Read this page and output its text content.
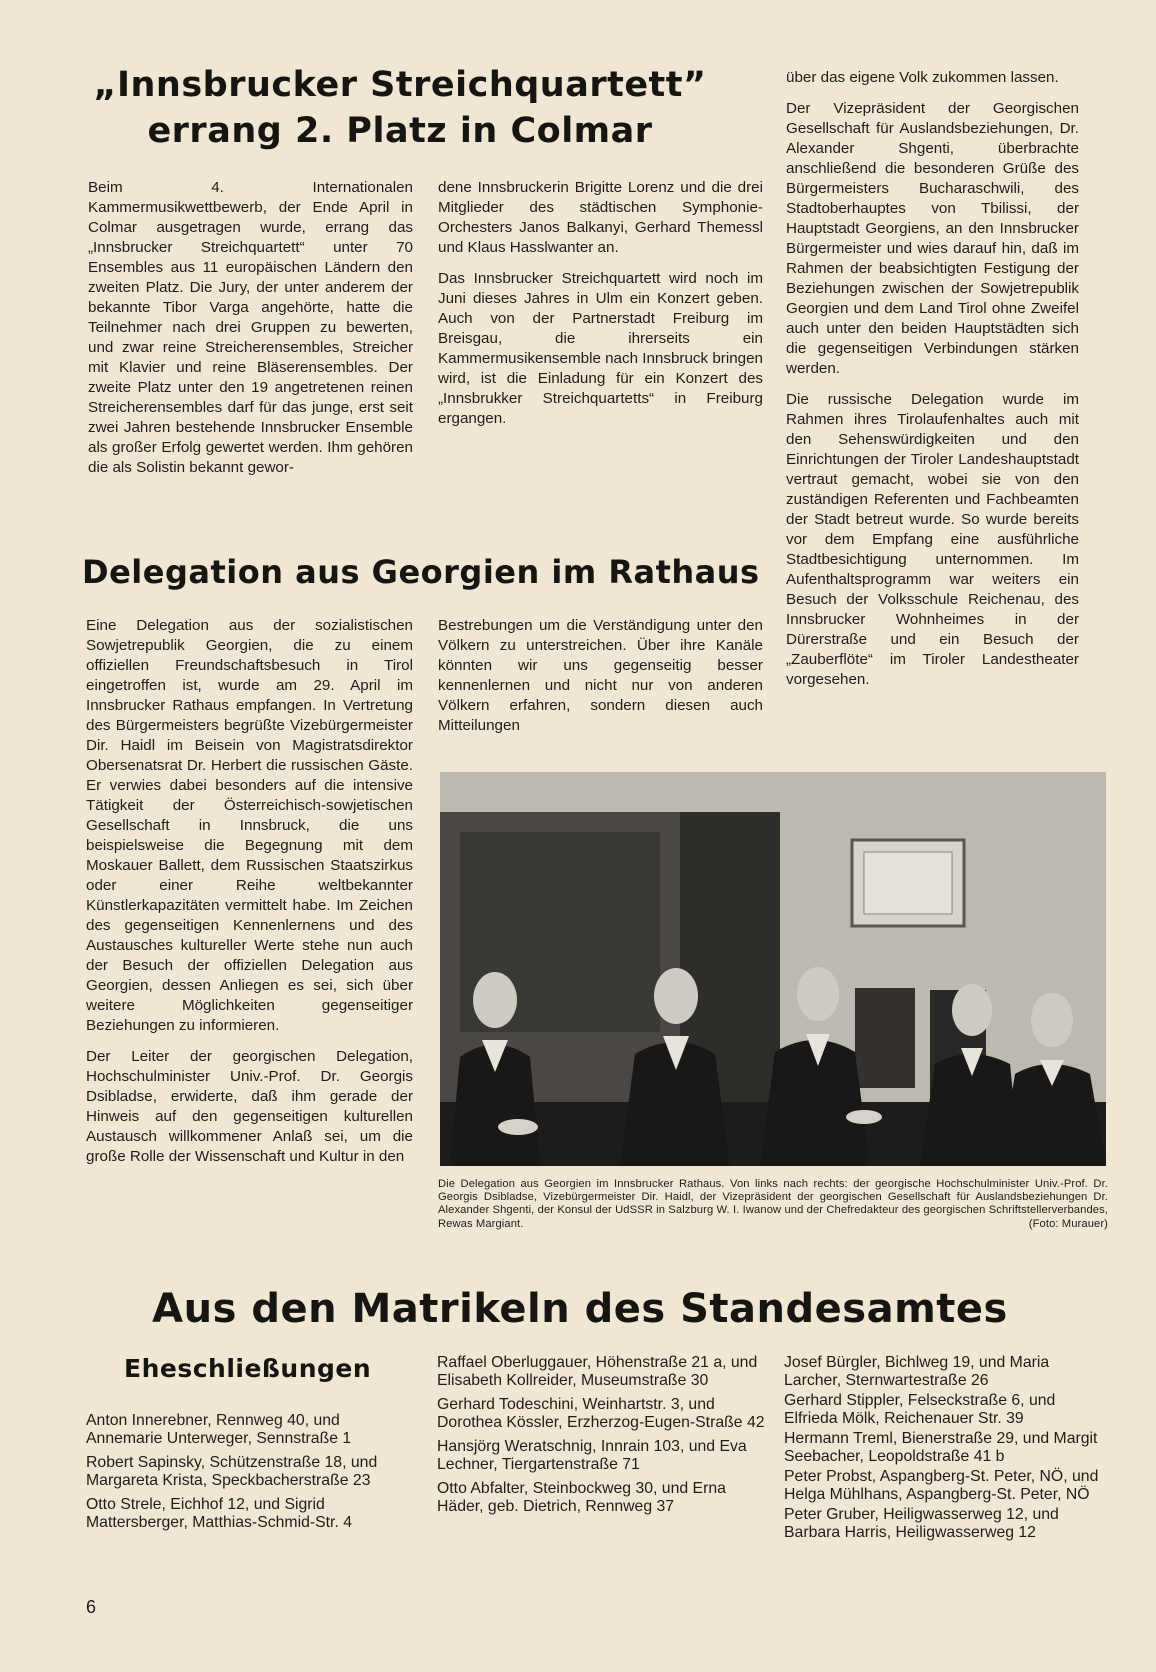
„Innsbrucker Streichquartett”
errang 2. Platz in Colmar

Beim 4. Internationalen Kammermusikwettbewerb, der Ende April in Colmar ausgetragen wurde, errang das „Innsbrucker Streichquartett“ unter 70 Ensembles aus 11 europäischen Ländern den zweiten Platz. Die Jury, der unter anderem der bekannte Tibor Varga angehörte, hatte die Teilnehmer nach drei Gruppen zu bewerten, und zwar reine Streicherensembles, Streicher mit Klavier und reine Bläserensembles. Der zweite Platz unter den 19 angetretenen reinen Streicherensembles darf für das junge, erst seit zwei Jahren bestehende Innsbrucker Ensemble als großer Erfolg gewertet werden. Ihm gehören die als Solistin bekannt gewor-

dene Innsbruckerin Brigitte Lorenz und die drei Mitglieder des städtischen Symphonie-Orchesters Janos Balkanyi, Gerhard Themessl und Klaus Hasslwanter an.

Das Innsbrucker Streichquartett wird noch im Juni dieses Jahres in Ulm ein Konzert geben. Auch von der Partnerstadt Freiburg im Breisgau, die ihrerseits ein Kammermusikensemble nach Innsbruck bringen wird, ist die Einladung für ein Konzert des „Innsbrukker Streichquartetts“ in Freiburg ergangen.

Delegation aus Georgien im Rathaus

Eine Delegation aus der sozialistischen Sowjetrepublik Georgien, die zu einem offiziellen Freundschaftsbesuch in Tirol eingetroffen ist, wurde am 29. April im Innsbrucker Rathaus empfangen. In Vertretung des Bürgermeisters begrüßte Vizebürgermeister Dir. Haidl im Beisein von Magistratsdirektor Obersenatsrat Dr. Herbert die russischen Gäste. Er verwies dabei besonders auf die intensive Tätigkeit der Österreichisch-sowjetischen Gesellschaft in Innsbruck, die uns beispielsweise die Begegnung mit dem Moskauer Ballett, dem Russischen Staatszirkus oder einer Reihe weltbekannter Künstlerkapazitäten vermittelt habe. Im Zeichen des gegenseitigen Kennenlernens und des Austausches kultureller Werte stehe nun auch der Besuch der offiziellen Delegation aus Georgien, dessen Anliegen es sei, sich über weitere Möglichkeiten gegenseitiger Beziehungen zu informieren.

Der Leiter der georgischen Delegation, Hochschulminister Univ.-Prof. Dr. Georgis Dsibladse, erwiderte, daß ihm gerade der Hinweis auf den gegenseitigen kulturellen Austausch willkommener Anlaß sei, um die große Rolle der Wissenschaft und Kultur in den

Bestrebungen um die Verständigung unter den Völkern zu unterstreichen. Über ihre Kanäle könnten wir uns gegenseitig besser kennenlernen und nicht nur von anderen Völkern erfahren, sondern diesen auch Mitteilungen

über das eigene Volk zukommen lassen.

Der Vizepräsident der Georgischen Gesellschaft für Auslandsbeziehungen, Dr. Alexander Shgenti, überbrachte anschließend die besonderen Grüße des Bürgermeisters Bucharaschwili, des Stadtoberhauptes von Tbilissi, der Hauptstadt Georgiens, an den Innsbrucker Bürgermeister und wies darauf hin, daß im Rahmen der beabsichtigten Festigung der Beziehungen zwischen der Sowjetrepublik Georgien und dem Land Tirol ohne Zweifel auch unter den beiden Hauptstädten sich die gegenseitigen Verbindungen stärken werden.

Die russische Delegation wurde im Rahmen ihres Tirolaufenhaltes auch mit den Sehenswürdigkeiten und den Einrichtungen der Tiroler Landeshauptstadt vertraut gemacht, wobei sie von den zuständigen Referenten und Fachbeamten der Stadt betreut wurde. So wurde bereits vor dem Empfang eine ausführliche Stadtbesichtigung unternommen. Im Aufenthaltsprogramm war weiters ein Besuch der Volksschule Reichenau, des Innsbrucker Wohnheimes in der Dürerstraße und ein Besuch der „Zauberflöte“ im Tiroler Landestheater vorgesehen.

Die Delegation aus Georgien im Innsbrucker Rathaus. Von links nach rechts: der georgische Hochschulminister Univ.-Prof. Dr. Georgis Dsibladse, Vizebürgermeister Dir. Haidl, der Vizepräsident der georgischen Gesellschaft für Auslandsbeziehungen Dr. Alexander Shgenti, der Konsul der UdSSR in Salzburg W. I. Iwanow und der Chefredakteur des georgischen Schriftstellerverbandes, Rewas Margiant.	(Foto: Murauer)
Aus den Matrikeln des Standesamtes
Eheschließungen

Anton Innerebner, Rennweg 40, und Annemarie Unterweger, Sennstraße 1

Robert Sapinsky, Schützenstraße 18, und Margareta Krista, Speckbacherstraße 23

Otto Strele, Eichhof 12, und Sigrid Mattersberger, Matthias-Schmid-Str. 4

Raffael Oberluggauer, Höhenstraße 21 a, und Elisabeth Kollreider, Museumstraße 30

Gerhard Todeschini, Weinhartstr. 3, und Dorothea Kössler, Erzherzog-Eugen-Straße 42

Hansjörg Weratschnig, Innrain 103, und Eva Lechner, Tiergartenstraße 71

Otto Abfalter, Steinbockweg 30, und Erna Häder, geb. Dietrich, Rennweg 37

Josef Bürgler, Bichlweg 19, und Maria Larcher, Sternwartestraße 26

Gerhard Stippler, Felseckstraße 6, und Elfrieda Mölk, Reichenauer Str. 39

Hermann Treml, Bienerstraße 29, und Margit Seebacher, Leopoldstraße 41 b

Peter Probst, Aspangberg-St. Peter, NÖ, und Helga Mühlhans, Aspangberg-St. Peter, NÖ

Peter Gruber, Heiligwasserweg 12, und Barbara Harris, Heiligwasserweg 12

6
